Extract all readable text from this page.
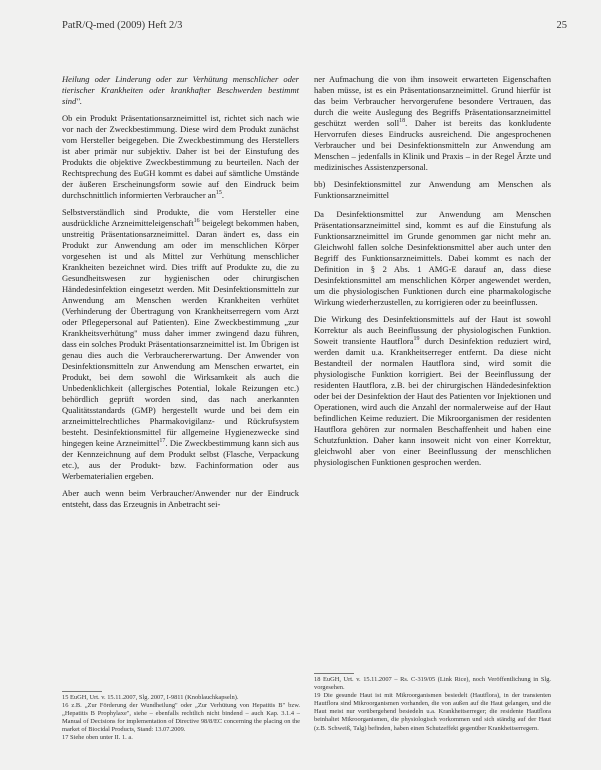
PatR/Q-med (2009) Heft 2/3	25

Heilung oder Linderung oder zur Verhütung menschlicher oder tierischer Krankheiten oder krankhafter Beschwerden bestimmt sind".

Ob ein Produkt Präsentationsarzneimittel ist, richtet sich nach wie vor nach der Zweckbestimmung. Diese wird dem Produkt zunächst vom Hersteller beigegeben. Die Zweckbestimmung des Herstellers ist aber primär nur subjektiv. Daher ist bei der Einstufung des Produkts die objektive Zweckbestimmung zu beurteilen. Nach der Rechtsprechung des EuGH kommt es dabei auf sämtliche Umstände der äußeren Erscheinungsform sowie auf den Eindruck beim durchschnittlich informierten Verbraucher $an^{15}$.

Selbstverständlich sind Produkte, die vom Hersteller eine ausdrückliche Arzneimitteleigenschaft$^{16}$ beigelegt bekommen haben, unstreitig Präsentationsarzneimittel. Daran ändert es, dass ein Produkt zur Anwendung am oder im menschlichen Körper vorgesehen ist und als Mittel zur Verhütung menschlicher Krankheiten bezeichnet wird. Dies trifft auf Produkte zu, die zu Gesundheitswesen zur hygienischen oder chirurgischen Händedesinfektion eingesetzt werden. Mit Desinfektionsmitteln zur Anwendung am Menschen werden Krankheiten verhütet (Verhinderung der Übertragung von Krankheitserregern vom Arzt oder Pflegepersonal auf Patienten). Eine Zweckbestimmung „zur Krankheitsverhütung" muss daher immer zwingend dazu führen, dass ein solches Produkt Präsentationsarzneimittel ist. Im Übrigen ist genau dies auch die Verbrauchererwartung. Der Anwender von Desinfektionsmitteln zur Anwendung am Menschen erwartet, ein Produkt, bei dem sowohl die Wirksamkeit als auch die Unbedenklichkeit (allergisches Potential, lokale Reizungen etc.) behördlich geprüft worden sind, das nach anerkannten Qualitätsstandards (GMP) hergestellt wurde und bei dem ein arzneimittelrechtliches Pharmakovigilanz- und Rückrufsystem besteht. Desinfektionsmittel für allgemeine Hygienezwecke sind hingegen keine Arzneimittel$^{17}$. Die Zweckbestimmung kann sich aus der Kennzeichnung auf dem Produkt selbst (Flasche, Verpackung etc.), aus der Produkt- bzw. Fachinformation oder aus Werbematerialien ergeben.

Aber auch wenn beim Verbraucher/Anwender nur der Eindruck entsteht, dass das Erzeugnis in Anbetracht sei-

ner Aufmachung die von ihm insoweit erwarteten Eigenschaften haben müsse, ist es ein Präsentationsarzneimittel. Grund hierfür ist das beim Verbraucher hervorgerufene besondere Vertrauen, das durch die weite Auslegung des Begriffs Präsentationsarzneimittel geschützt werden soll$^{18}$. Daher ist bereits das konkludente Hervorrufen dieses Eindrucks ausreichend. Die angesprochenen Verbraucher und bei Desinfektionsmitteln zur Anwendung am Menschen – jedenfalls in Klinik und Praxis – in der Regel Ärzte und medizinisches Assistenzpersonal.

bb) Desinfektionsmittel zur Anwendung am Menschen als Funktionsarzneimittel

Da Desinfektionsmittel zur Anwendung am Menschen Präsentationsarzneimittel sind, kommt es auf die Einstufung als Funktionsarzneimittel im Grunde genommen gar nicht mehr an. Gleichwohl fallen solche Desinfektionsmittel aber auch unter den Begriff des Funktionsarzneimittels. Dabei kommt es nach der Definition in § 2 Abs. 1 AMG-E darauf an, dass diese Desinfektionsmittel am menschlichen Körper angewendet werden, um die physiologischen Funktionen durch eine pharmakologische Wirkung wiederherzustellen, zu korrigieren oder zu beeinflussen.

Die Wirkung des Desinfektionsmittels auf der Haut ist sowohl Korrektur als auch Beeinflussung der physiologischen Funktion. Soweit transiente Hautflora$^{19}$ durch Desinfektion reduziert wird, werden damit u.a. Krankheitserreger entfernt. Da diese nicht Bestandteil der normalen Hautflora sind, wird somit die physiologische Funktion korrigiert. Bei der Beeinflussung der residenten Hautflora, z.B. bei der chirurgischen Händedesinfektion oder bei der Desinfektion der Haut des Patienten vor Injektionen und Operationen, wird auch die Anzahl der normalerweise auf der Haut befindlichen Keime reduziert. Die Mikroorganismen der residenten Hautflora gehören zur normalen Beschaffenheit und haben eine Schutzfunktion. Daher kann insoweit nicht von einer Korrektur, gleichwohl aber von einer Beeinflussung der menschlichen physiologischen Funktionen gesprochen werden.

15 EuGH, Urt. v. 15.11.2007, Slg. 2007, I-9811 (Knoblauchkapseln).
16 z.B. „Zur Förderung der Wundheilung" oder „Zur Verhütung von Hepatitis B" bzw. „Hepatitis B Prophylaxe", siehe – ebenfalls rechtlich nicht bindend – auch Kap. 3.1.4 – Manual of Decisions for implementation of Directive 98/8/EC concerning the placing on the market of Biocidal Products, Stand: 13.07.2009.
17 Siehe oben unter II. 1. a.
18 EuGH, Urt. v. 15.11.2007 – Rs. C-319/05 (Link Rice), noch Veröffentlichung in Slg. vorgesehen.
19 Die gesunde Haut ist mit Mikroorganismen besiedelt (Hautflora), in der transienten Hautflora sind Mikroorganismen vorhanden, die von außen auf die Haut gelangen, und die Haut meist nur vorübergehend besiedeln u.a. Krankheitserreger; die residente Hautflora beinhaltet Mikroorganismen, die physiologisch vorkommen und sich ständig auf der Haut (z.B. Schweiß, Talg) befinden, haben einen Schutzeffekt gegenüber Krankheitserregern.
